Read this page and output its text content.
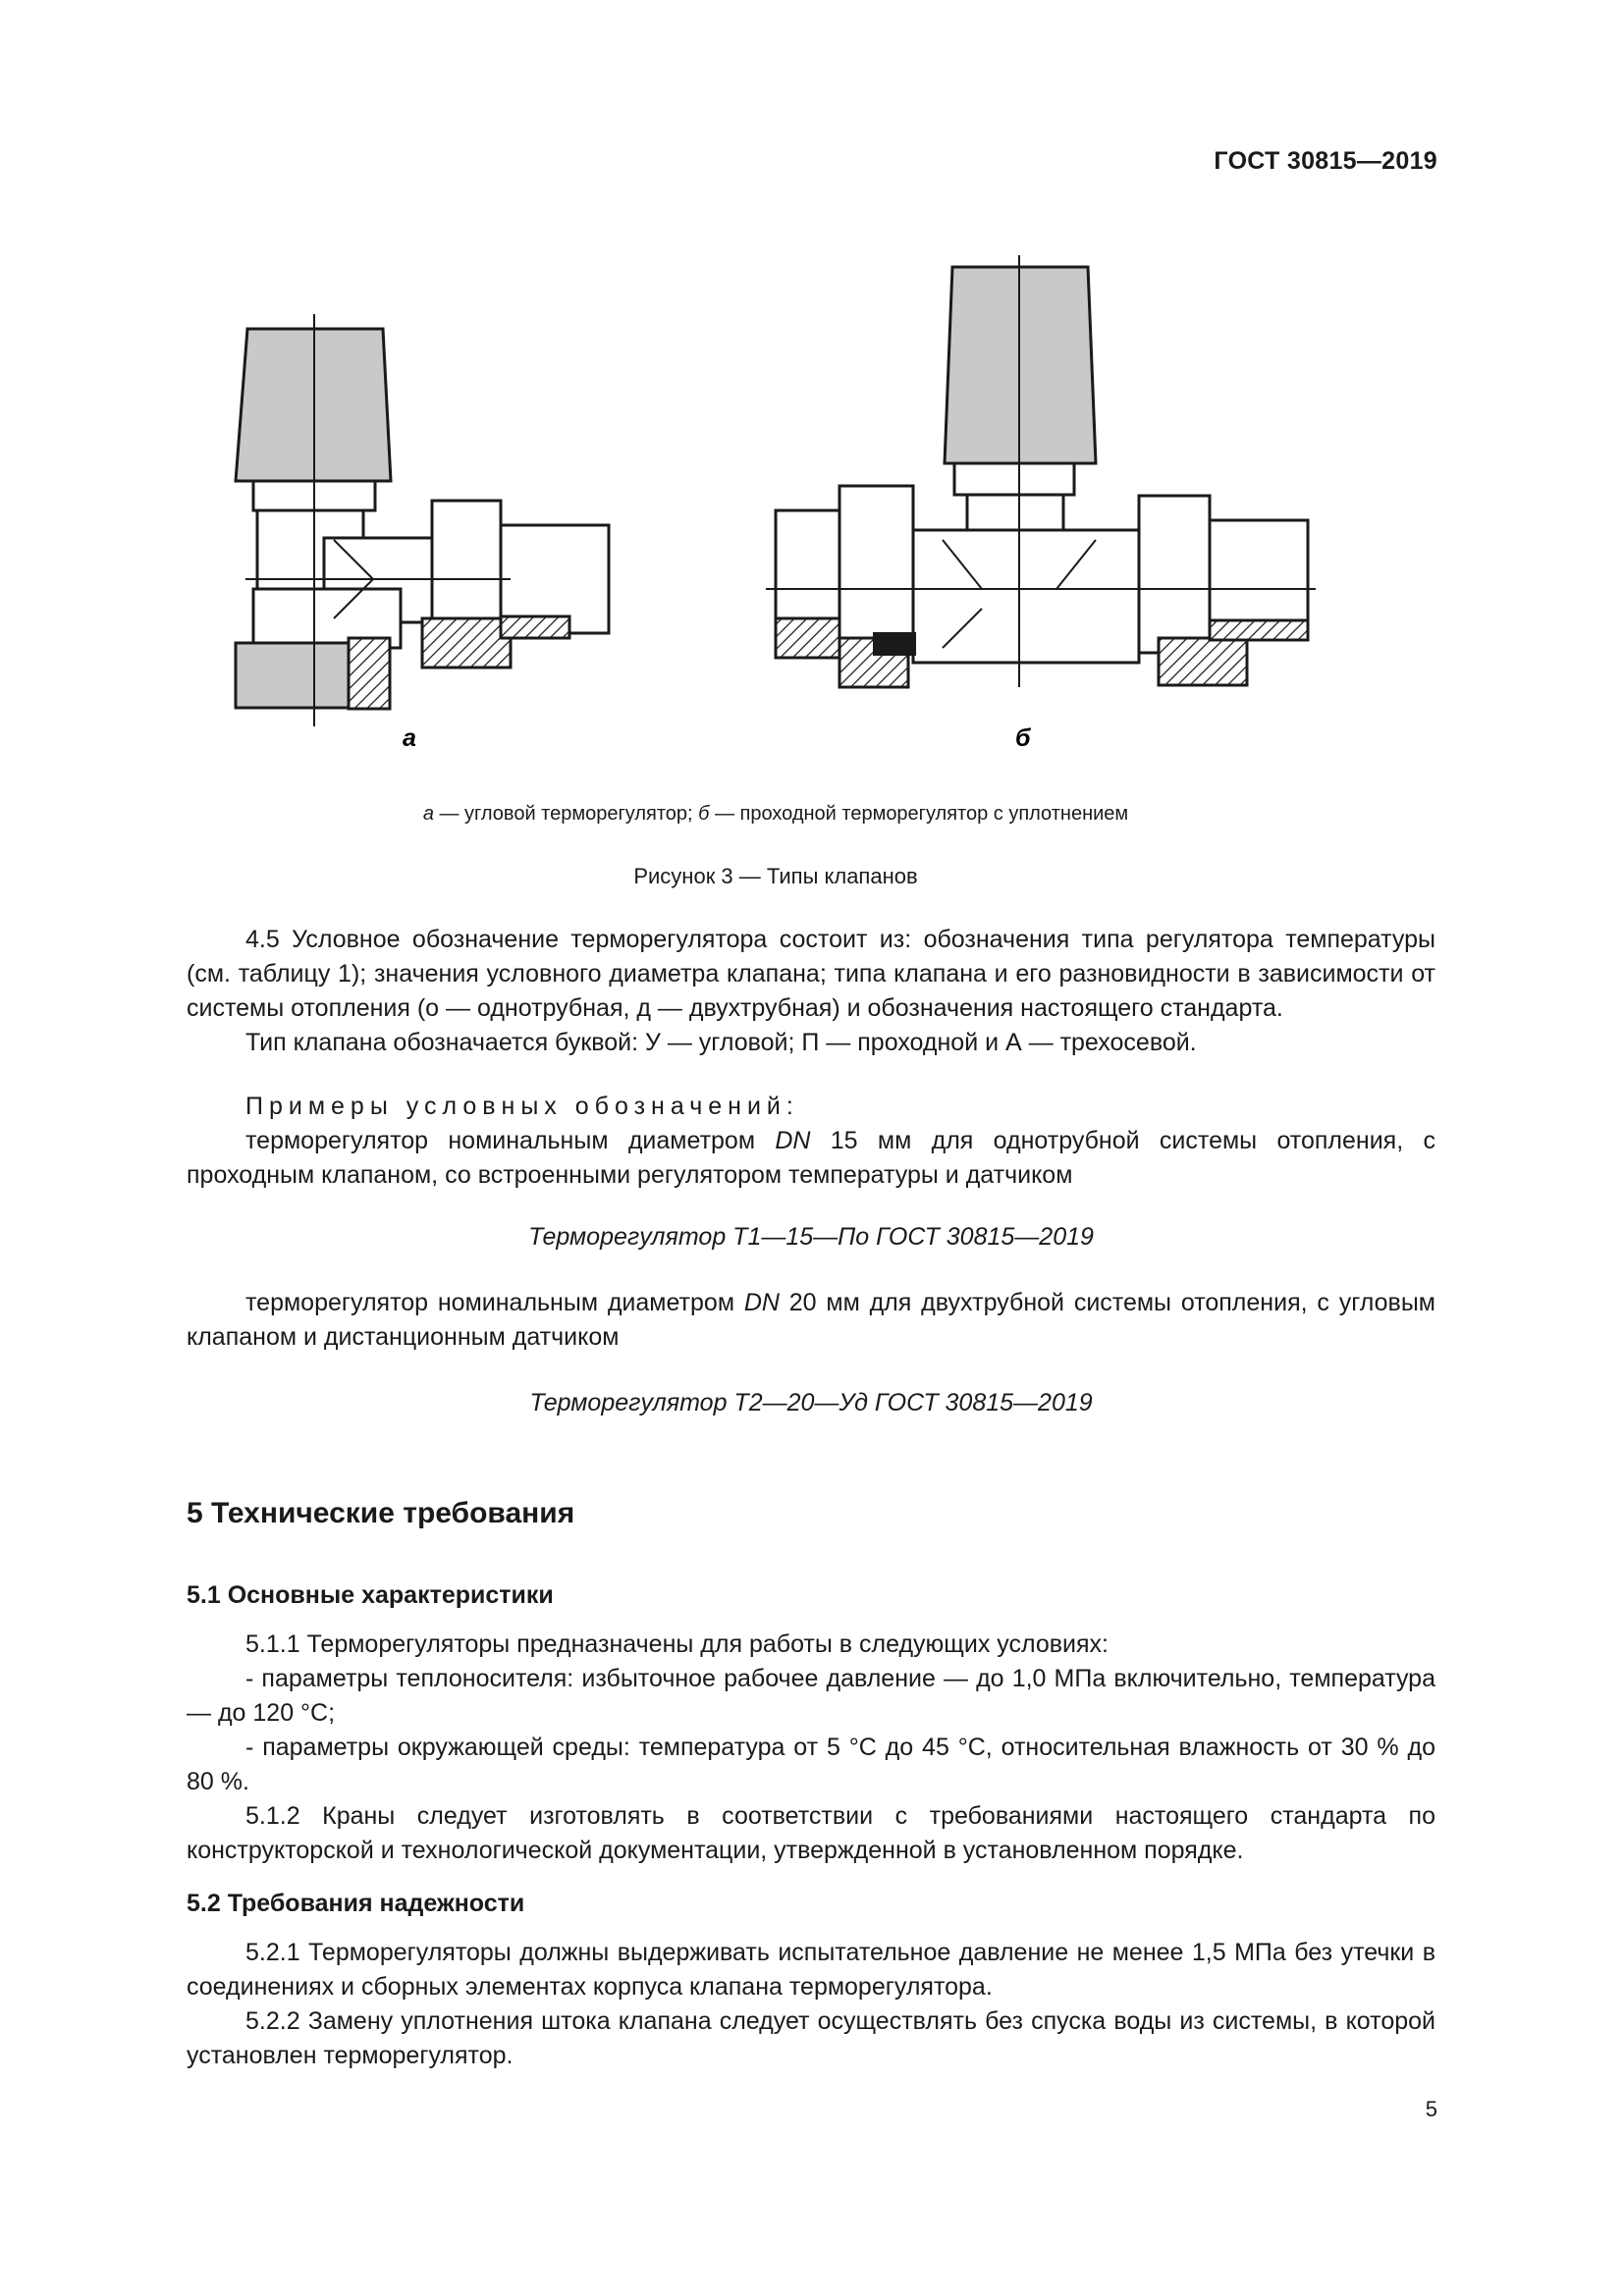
ГОСТ 30815—2019
а	б
а — угловой терморегулятор; б — проходной терморегулятор с уплотнением
Рисунок 3 — Типы клапанов

4.5 Условное обозначение терморегулятора состоит из: обозначения типа регулятора температуры (см. таблицу 1); значения условного диаметра клапана; типа клапана и его разновидности в зависимости от системы отопления (о — однотрубная, д — двухтрубная) и обозначения настоящего стандарта.

Тип клапана обозначается буквой: У — угловой; П — проходной и А — трехосевой.

Примеры условных обозначений:

терморегулятор номинальным диаметром DN 15 мм для однотрубной системы отопления, с проходным клапаном, со встроенными регулятором температуры и датчиком

Терморегулятор Т1—15—По ГОСТ 30815—2019

терморегулятор номинальным диаметром DN 20 мм для двухтрубной системы отопления, с угловым клапаном и дистанционным датчиком

Терморегулятор Т2—20—Уд ГОСТ 30815—2019
5 Технические требования
5.1 Основные характеристики

5.1.1 Терморегуляторы предназначены для работы в следующих условиях:

- параметры теплоносителя: избыточное рабочее давление — до 1,0 МПа включительно, температура — до 120 °С;

- параметры окружающей среды: температура от 5 °С до 45 °С, относительная влажность от 30 % до 80 %.

5.1.2 Краны следует изготовлять в соответствии с требованиями настоящего стандарта по конструкторской и технологической документации, утвержденной в установленном порядке.

5.2 Требования надежности

5.2.1 Терморегуляторы должны выдерживать испытательное давление не менее 1,5 МПа без утечки в соединениях и сборных элементах корпуса клапана терморегулятора.

5.2.2 Замену уплотнения штока клапана следует осуществлять без спуска воды из системы, в которой установлен терморегулятор.

5
